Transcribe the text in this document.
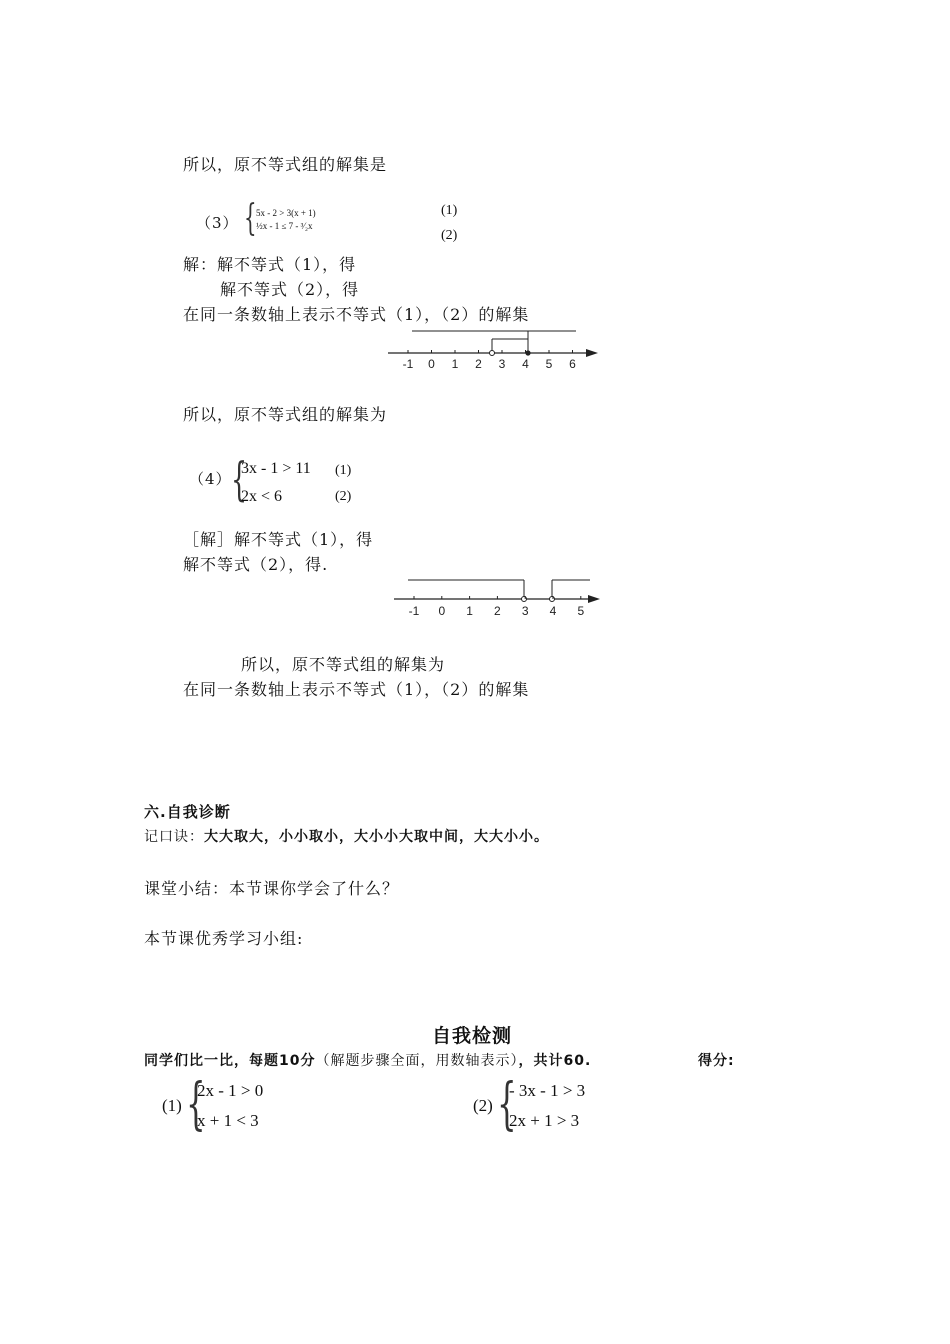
所以，原不等式组的解集是
（3） { 5x - 2 > 3(x + 1)
½x - 1 ≤ 7 - ³⁄₂x
(1)
(2)
解：解不等式（1），得
解不等式（2），得
在同一条数轴上表示不等式（1），（2）的解集
-1 0 1 2 3 4 5 6
所以，原不等式组的解集为
（4） {
3x - 1 > 11
2x < 6
(1)
(2)
［解］解不等式（1），得
解不等式（2），得.
-1 0 1 2 3 4 5
所以，原不等式组的解集为
在同一条数轴上表示不等式（1），（2）的解集
六.自我诊断
记口诀：大大取大，小小取小，大小小大取中间，大大小小。
课堂小结：本节课你学会了什么？
本节课优秀学习小组:
自我检测
同学们比一比，每题10分（解题步骤全面，用数轴表示），共计60.	得分:
(1) {
2x - 1 > 0
x + 1 < 3
(2) {
- 3x - 1 > 3
2x + 1 > 3
